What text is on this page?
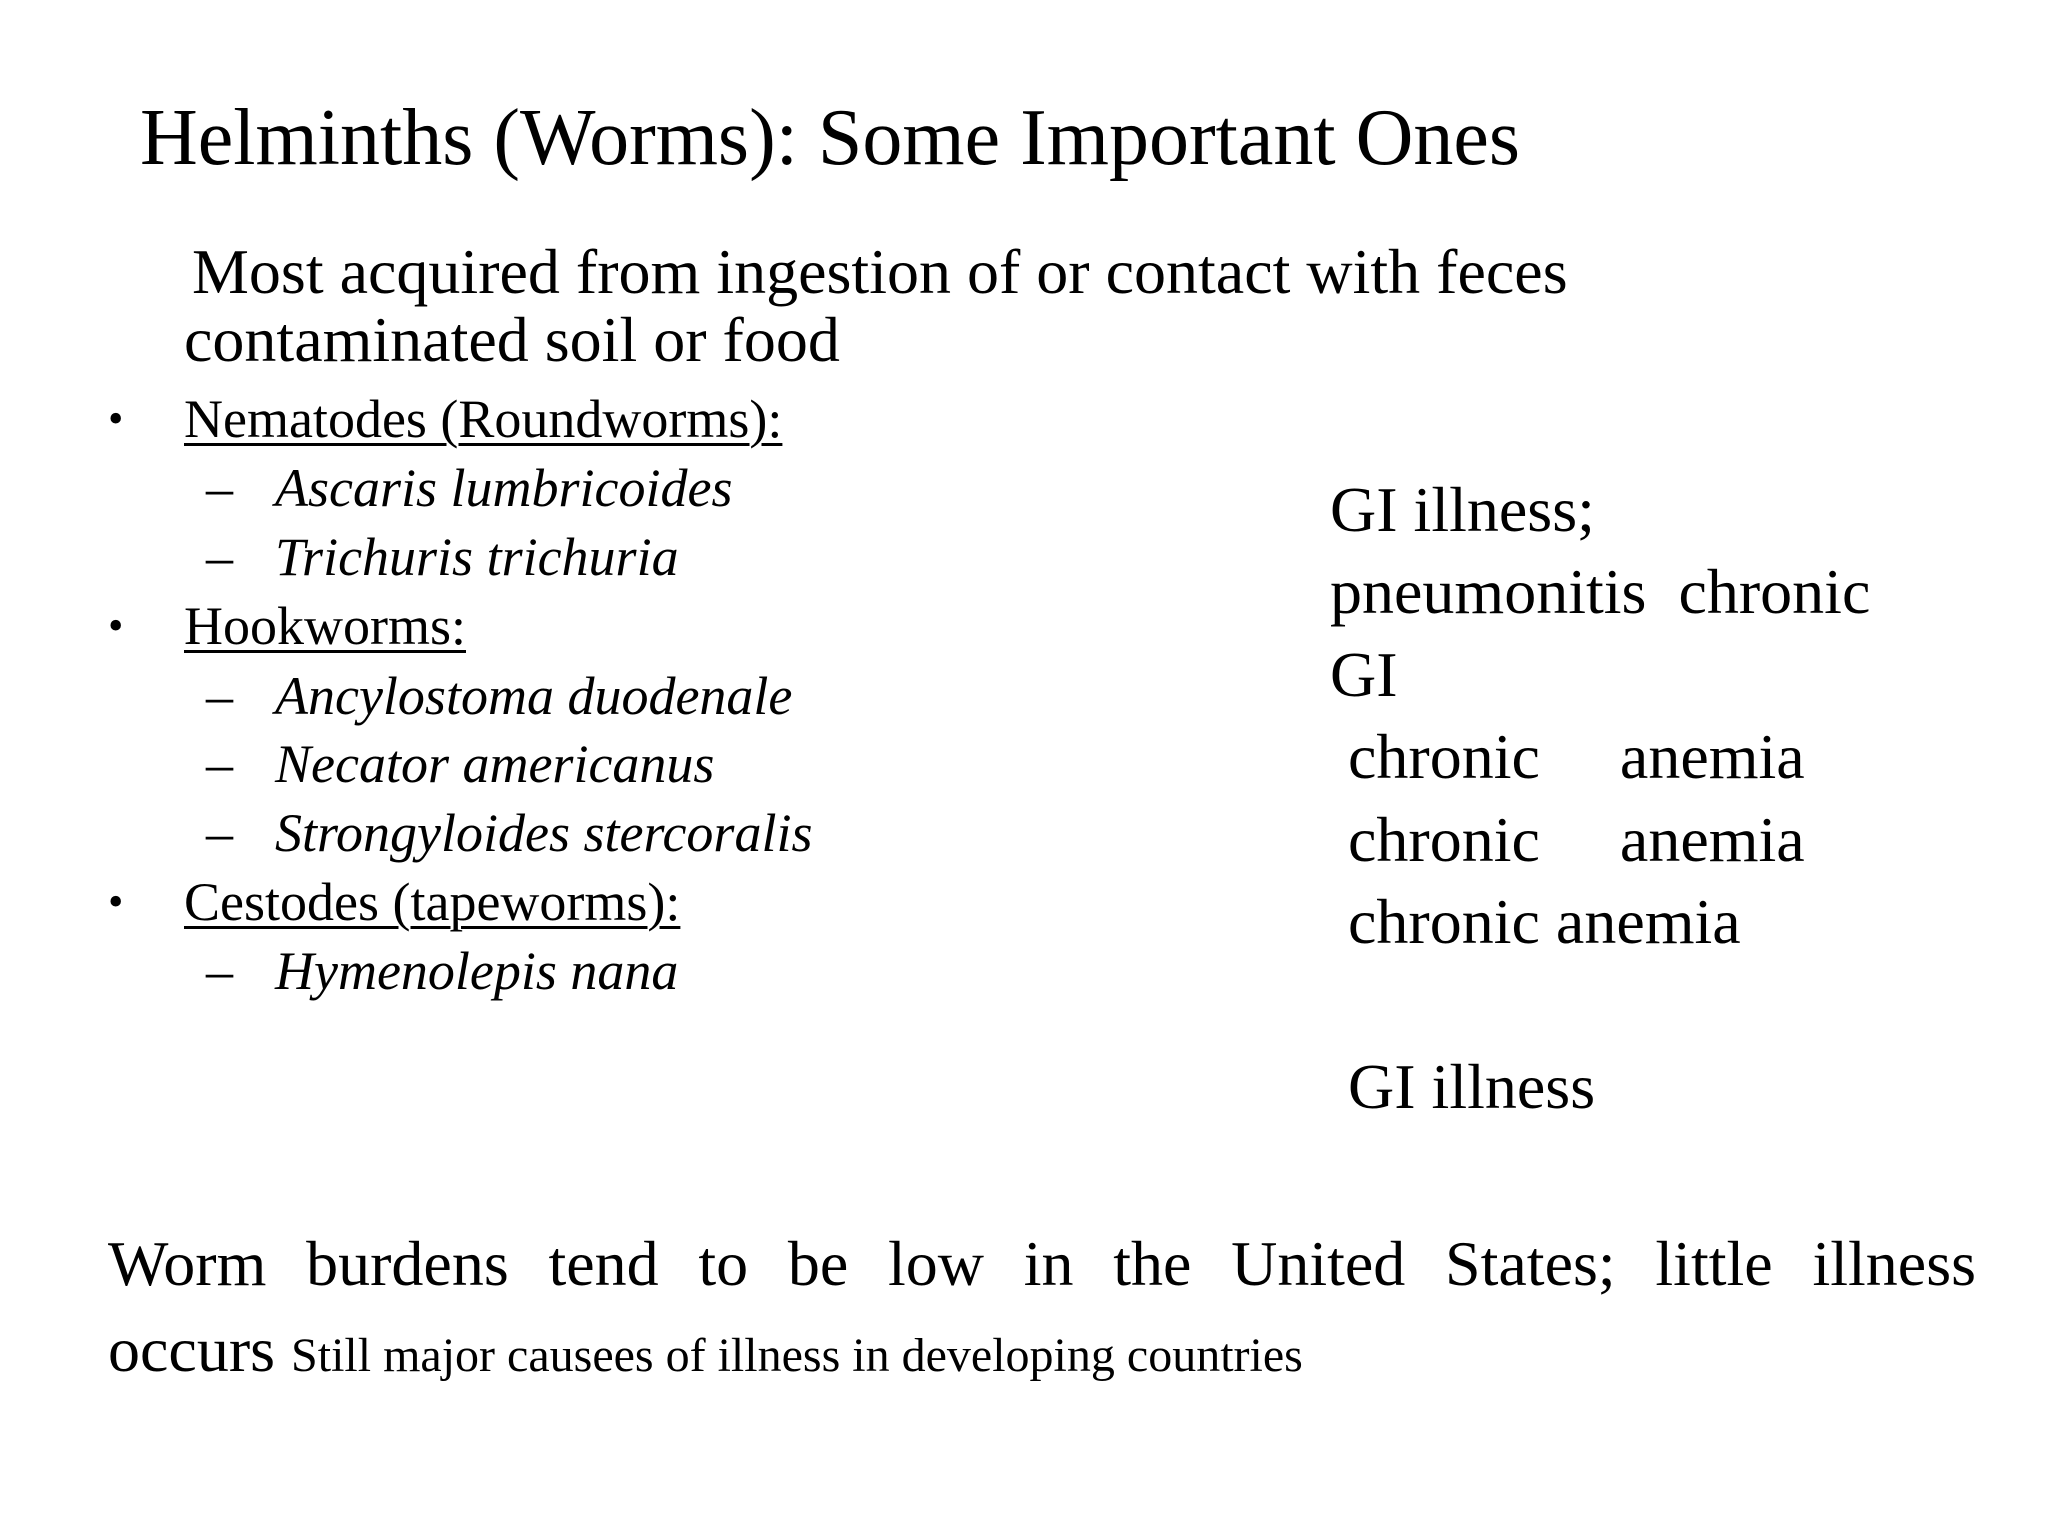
Helminths (Worms): Some Important Ones
Most acquired from ingestion of or contact with feces
contaminated soil or food
• Nematodes (Roundworms):
– Ascaris lumbricoides
– Trichuris trichuria
• Hookworms:
– Ancylostoma duodenale
– Necator americanus
– Strongyloides stercoralis
• Cestodes (tapeworms):
– Hymenolepis nana
GI illness;
pneumonitis  chronic
GI
chronic     anemia
chronic     anemia
chronic anemia
GI illness
Worm burdens tend to be low in the United States; little illness
occurs Still major causees of illness in developing countries
